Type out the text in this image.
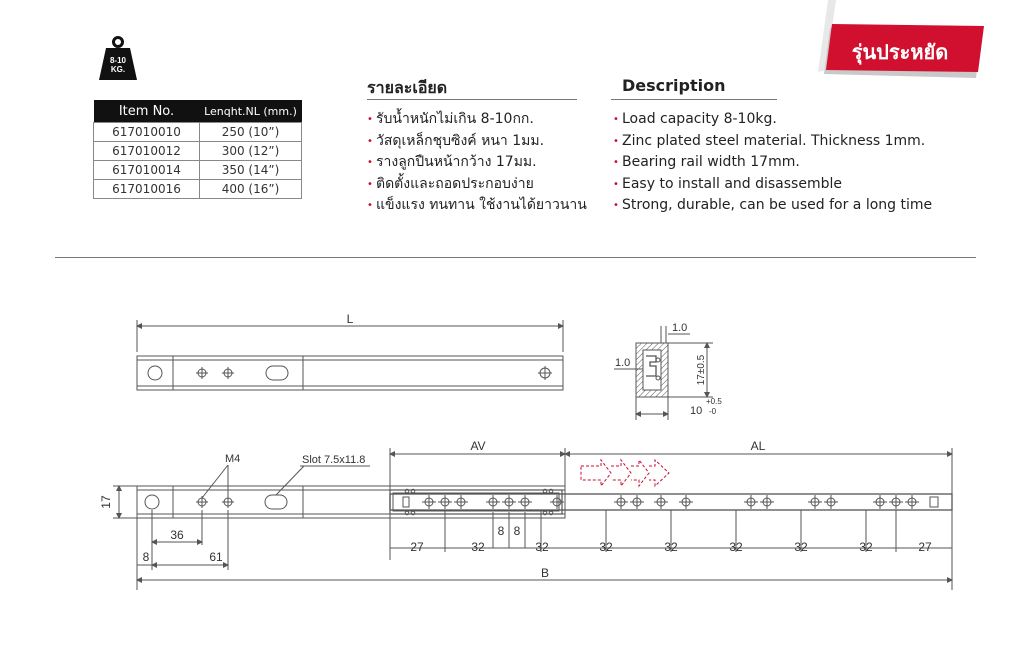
8-10
KG.
Item No.	Lenqht.NL (mm.)
617010010	250 (10”)
617010012	300 (12”)
617010014	350 (14”)
617010016	400 (16”)
รุ่นประหยัด
รายละเอียด	Description
• รับน้ำหนักไม่เกิน 8-10กก.
• วัสดุเหล็กชุบซิงค์ หนา 1มม.
• รางลูกปืนหน้ากว้าง 17มม.
• ติดตั้งและถอดประกอบง่าย
• แข็งแรง ทนทาน ใช้งานได้ยาวนาน
• Load capacity 8-10kg.
• Zinc plated steel material. Thickness 1mm.
• Bearing rail width 17mm.
• Easy to install and disassemble
• Strong, durable, can be used for a long time
L
1.0
1.0	17±0.5
10
+0.5
-0
M4	Slot 7.5x11.8
AV	AL
17
B
36
8	61
8 8
27	32	32	32	32	32	32	32	27
